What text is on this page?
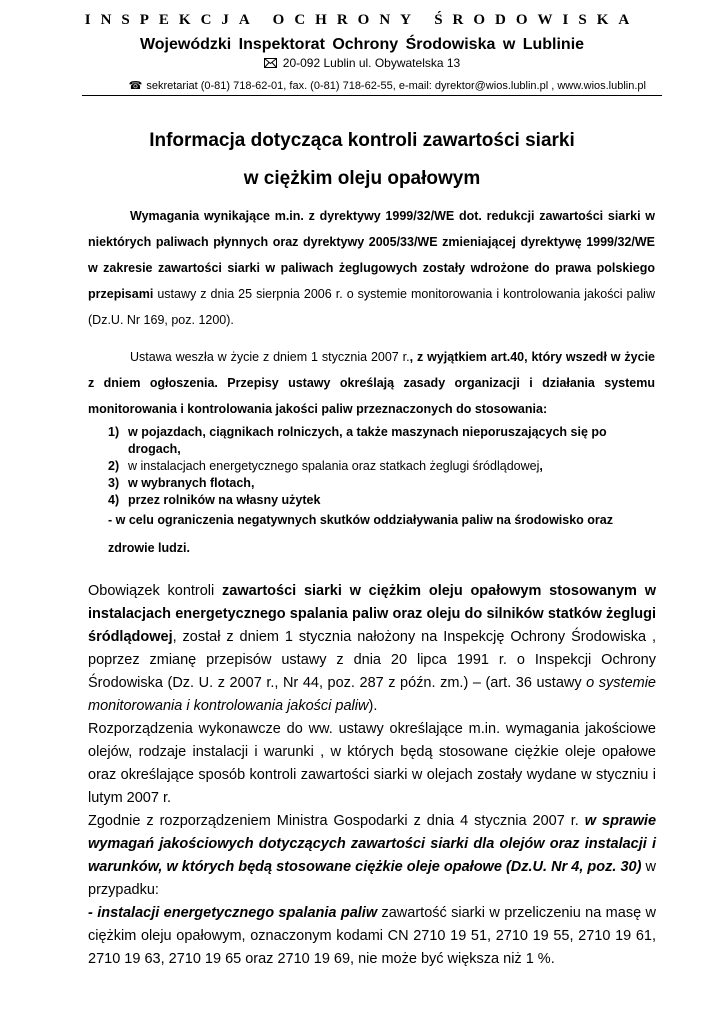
INSPEKCJA OCHRONY ŚRODOWISKA
Wojewódzki Inspektorat Ochrony Środowiska w Lublinie
20-092 Lublin ul. Obywatelska 13
☎ sekretariat (0-81) 718-62-01, fax. (0-81) 718-62-55, e-mail: dyrektor@wios.lublin.pl , www.wios.lublin.pl
Informacja dotycząca kontroli zawartości siarki
w ciężkim oleju opałowym
Wymagania wynikające m.in. z dyrektywy 1999/32/WE dot. redukcji zawartości siarki w niektórych paliwach płynnych oraz dyrektywy 2005/33/WE zmieniającej dyrektywę 1999/32/WE w zakresie zawartości siarki w paliwach żeglugowych zostały wdrożone do prawa polskiego przepisami ustawy z dnia 25 sierpnia 2006 r. o systemie monitorowania i kontrolowania jakości paliw (Dz.U. Nr 169, poz. 1200).
Ustawa weszła w życie z dniem 1 stycznia 2007 r., z wyjątkiem art.40, który wszedł w życie z dniem ogłoszenia. Przepisy ustawy określają zasady organizacji i działania systemu monitorowania i kontrolowania jakości paliw przeznaczonych do stosowania:
1) w pojazdach, ciągnikach rolniczych, a także maszynach nieporuszających się po drogach,
2) w instalacjach energetycznego spalania oraz statkach żeglugi śródlądowej,
3) w wybranych flotach,
4) przez rolników na własny użytek
- w celu ograniczenia negatywnych skutków oddziaływania paliw na środowisko oraz
zdrowie ludzi.

Obowiązek kontroli zawartości siarki w ciężkim oleju opałowym stosowanym w instalacjach energetycznego spalania paliw oraz oleju do silników statków żeglugi śródlądowej, został z dniem 1 stycznia nałożony na Inspekcję Ochrony Środowiska , poprzez zmianę przepisów ustawy z dnia 20 lipca 1991 r. o Inspekcji Ochrony Środowiska (Dz. U. z 2007 r., Nr 44, poz. 287 z późn. zm.) – (art. 36 ustawy o systemie monitorowania i kontrolowania jakości paliw).

Rozporządzenia wykonawcze do ww. ustawy określające m.in. wymagania jakościowe olejów, rodzaje instalacji i warunki , w których będą stosowane ciężkie oleje opałowe oraz określające sposób kontroli zawartości siarki w olejach zostały wydane w styczniu i lutym 2007 r.

Zgodnie z rozporządzeniem Ministra Gospodarki z dnia 4 stycznia 2007 r. w sprawie wymagań jakościowych dotyczących zawartości siarki dla olejów oraz instalacji i warunków, w których będą stosowane ciężkie oleje opałowe (Dz.U. Nr 4, poz. 30) w przypadku:

- instalacji energetycznego spalania paliw zawartość siarki w przeliczeniu na masę w ciężkim oleju opałowym, oznaczonym kodami CN 2710 19 51, 2710 19 55, 2710 19 61, 2710 19 63, 2710 19 65 oraz 2710 19 69, nie może być większa niż 1 %.
